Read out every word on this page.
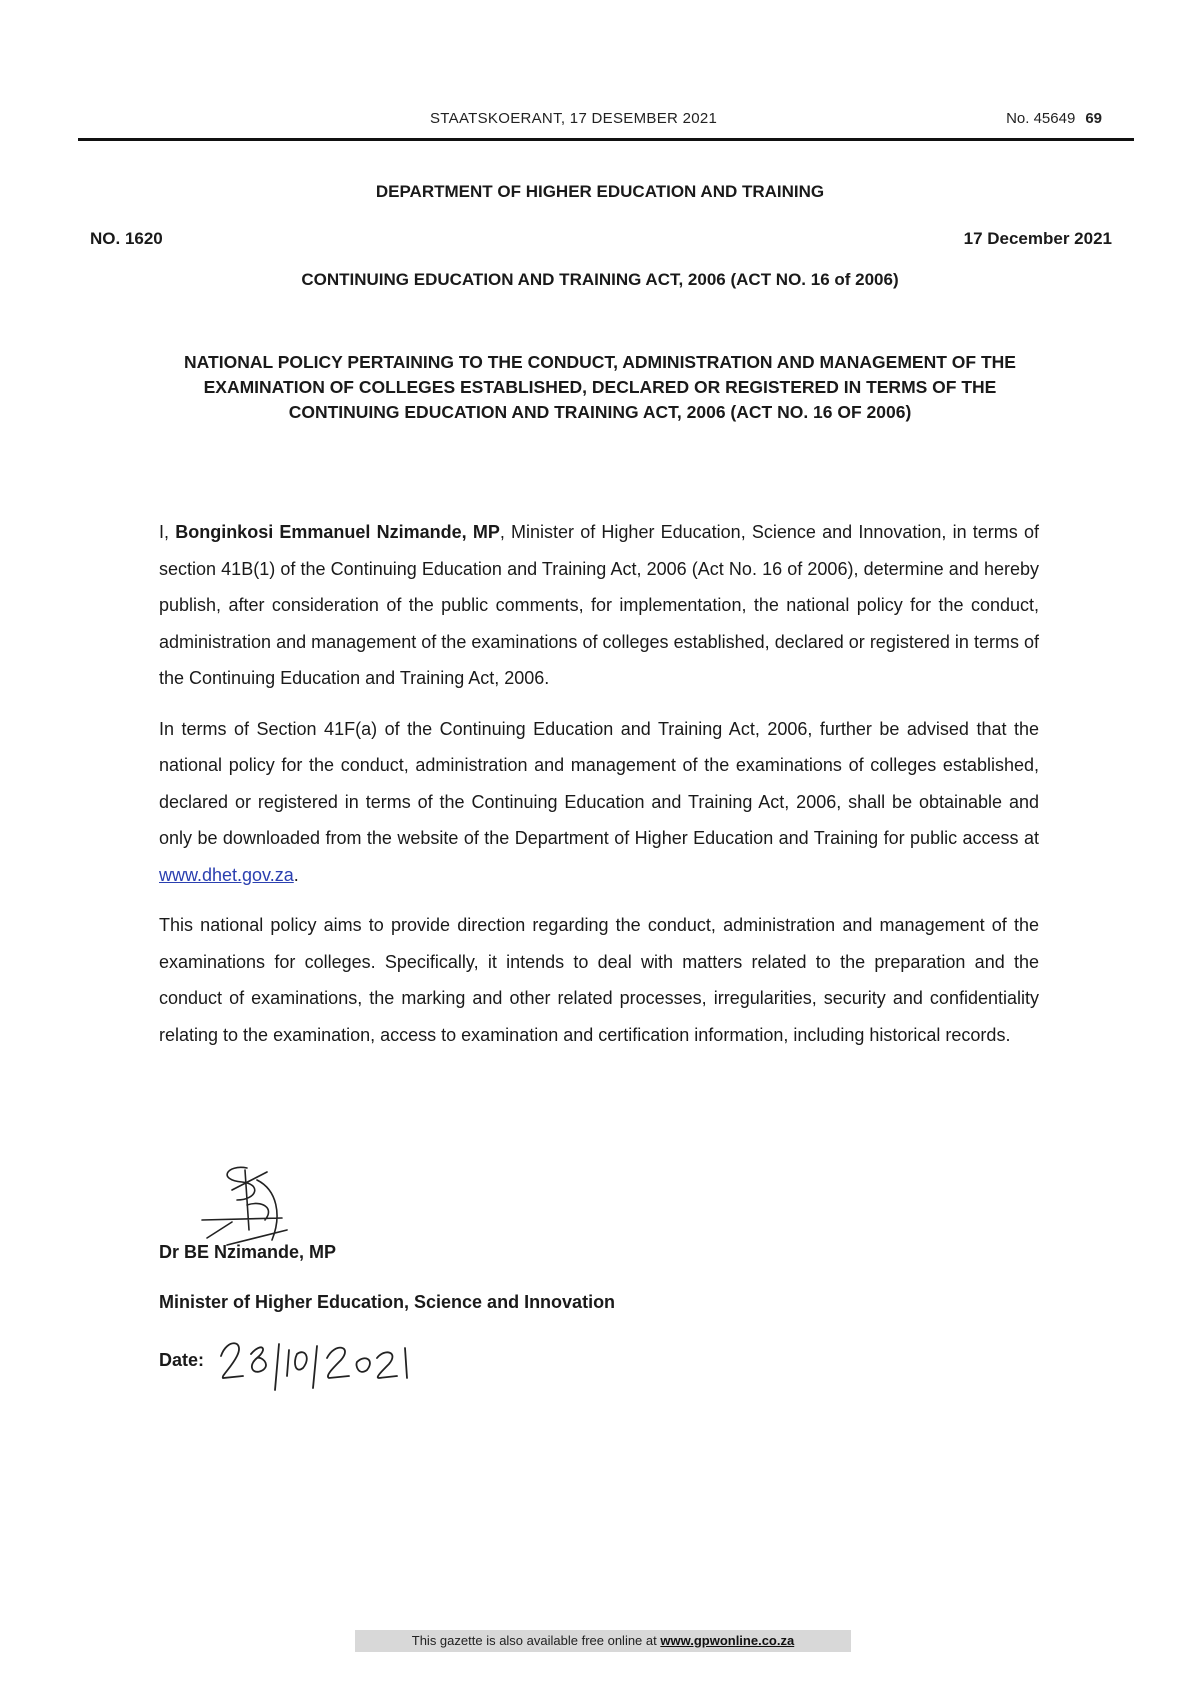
STAATSKOERANT, 17 DESEMBER 2021	No. 45649 69
DEPARTMENT OF HIGHER EDUCATION AND TRAINING
NO. 1620	17 December 2021
CONTINUING EDUCATION AND TRAINING ACT, 2006 (ACT NO. 16 of 2006)
NATIONAL POLICY PERTAINING TO THE CONDUCT, ADMINISTRATION AND MANAGEMENT OF THE EXAMINATION OF COLLEGES ESTABLISHED, DECLARED OR REGISTERED IN TERMS OF THE CONTINUING EDUCATION AND TRAINING ACT, 2006 (ACT NO. 16 OF 2006)

I, Bonginkosi Emmanuel Nzimande, MP, Minister of Higher Education, Science and Innovation, in terms of section 41B(1) of the Continuing Education and Training Act, 2006 (Act No. 16 of 2006), determine and hereby publish, after consideration of the public comments, for implementation, the national policy for the conduct, administration and management of the examinations of colleges established, declared or registered in terms of the Continuing Education and Training Act, 2006.

In terms of Section 41F(a) of the Continuing Education and Training Act, 2006, further be advised that the national policy for the conduct, administration and management of the examinations of colleges established, declared or registered in terms of the Continuing Education and Training Act, 2006, shall be obtainable and only be downloaded from the website of the Department of Higher Education and Training for public access at www.dhet.gov.za.

This national policy aims to provide direction regarding the conduct, administration and management of the examinations for colleges. Specifically, it intends to deal with matters related to the preparation and the conduct of examinations, the marking and other related processes, irregularities, security and confidentiality relating to the examination, access to examination and certification information, including historical records.

Dr BE Nzimande, MP
Minister of Higher Education, Science and Innovation
Date:
This gazette is also available free online at www.gpwonline.co.za
